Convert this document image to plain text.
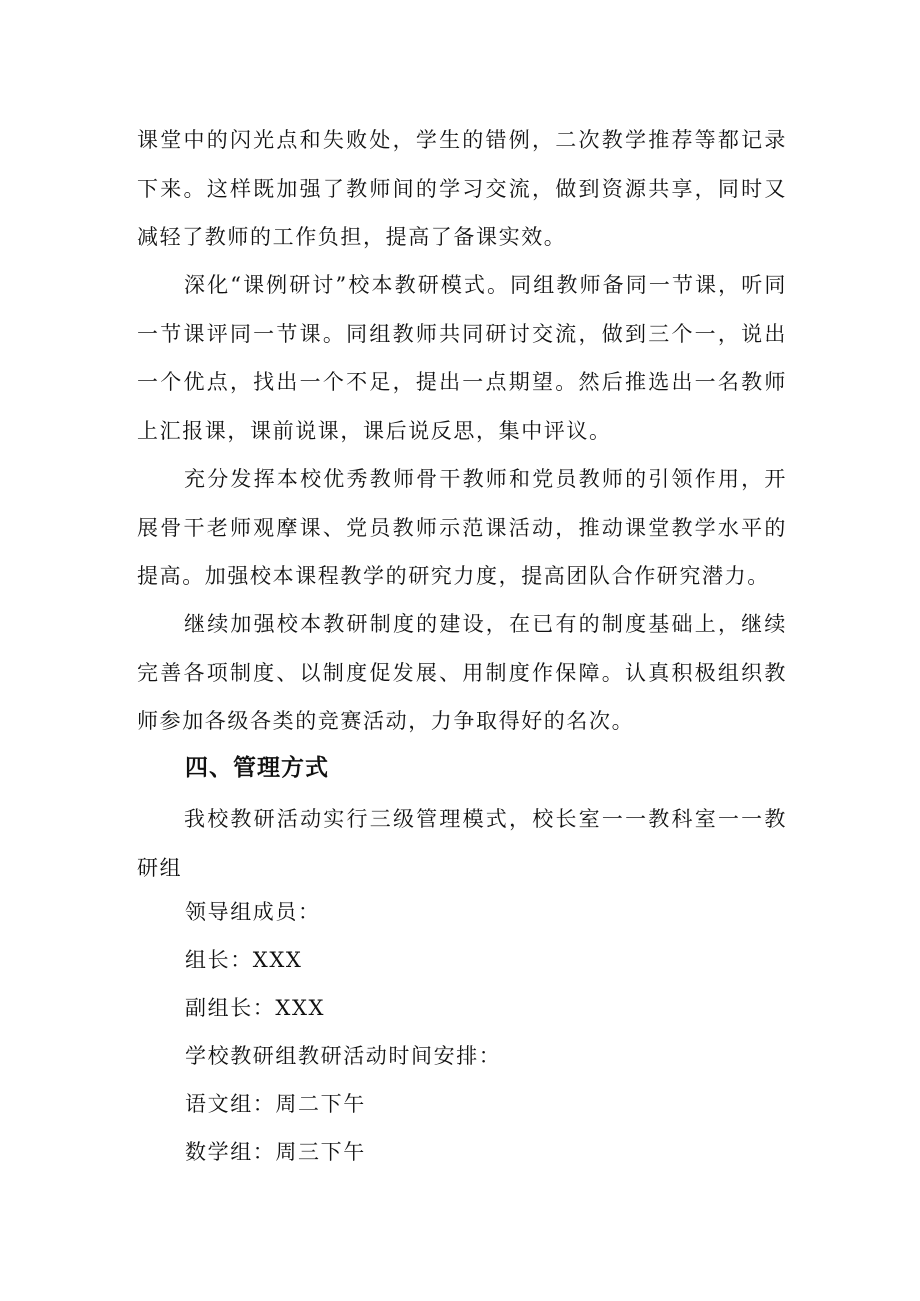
课堂中的闪光点和失败处，学生的错例，二次教学推荐等都记录下来。这样既加强了教师间的学习交流，做到资源共享，同时又减轻了教师的工作负担，提高了备课实效。

深化“课例研讨”校本教研模式。同组教师备同一节课，听同一节课评同一节课。同组教师共同研讨交流，做到三个一，说出一个优点，找出一个不足，提出一点期望。然后推选出一名教师上汇报课，课前说课，课后说反思，集中评议。

充分发挥本校优秀教师骨干教师和党员教师的引领作用，开展骨干老师观摩课、党员教师示范课活动，推动课堂教学水平的提高。加强校本课程教学的研究力度，提高团队合作研究潜力。

继续加强校本教研制度的建设，在已有的制度基础上，继续完善各项制度、以制度促发展、用制度作保障。认真积极组织教师参加各级各类的竞赛活动，力争取得好的名次。

四、管理方式

我校教研活动实行三级管理模式，校长室一一教科室一一教研组

领导组成员：

组长：XXX

副组长：XXX

学校教研组教研活动时间安排：

语文组：周二下午

数学组：周三下午
